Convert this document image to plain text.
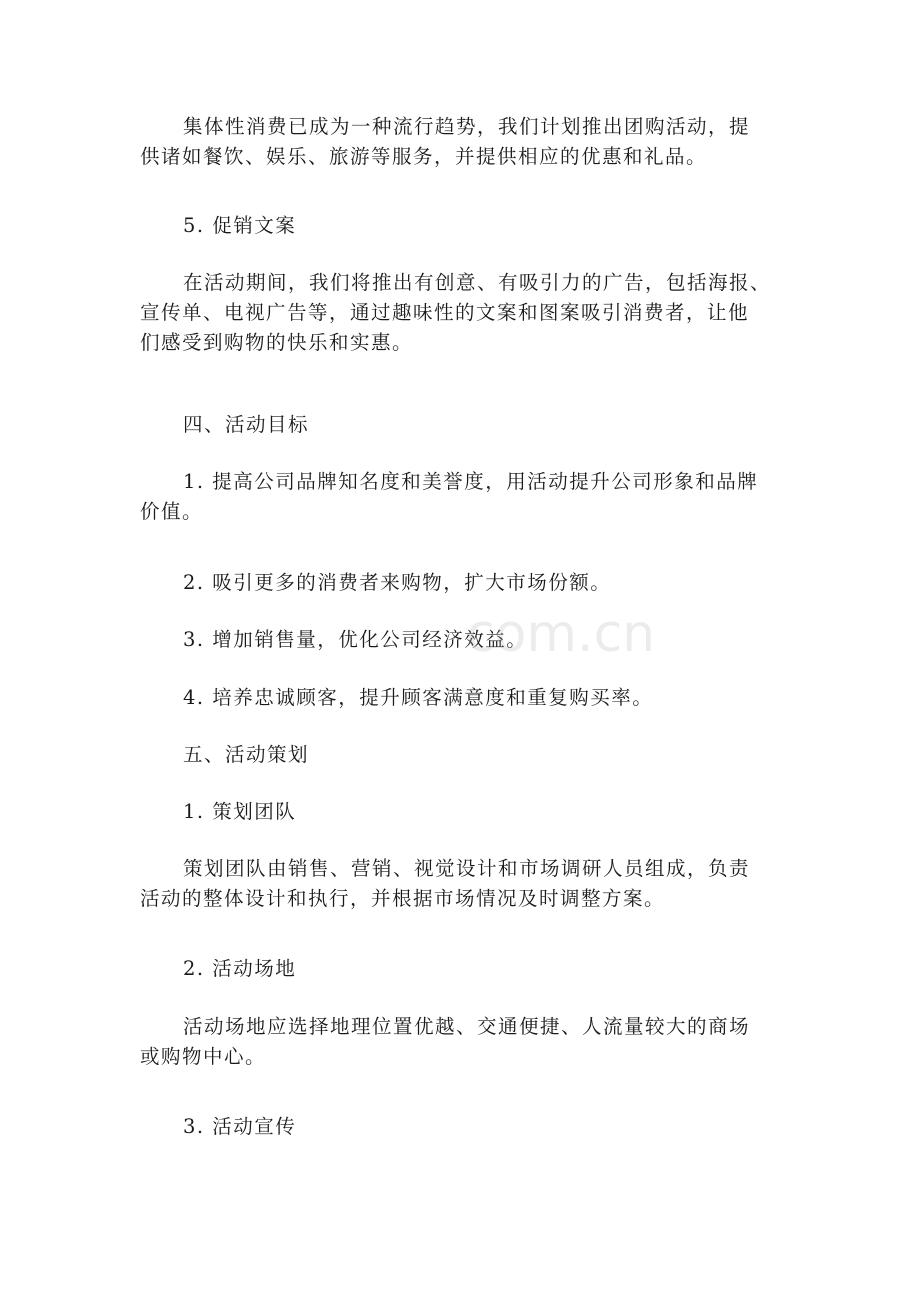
集体性消费已成为一种流行趋势，我们计划推出团购活动，提
供诸如餐饮、娱乐、旅游等服务，并提供相应的优惠和礼品。
5. 促销文案
在活动期间，我们将推出有创意、有吸引力的广告，包括海报、
宣传单、电视广告等，通过趣味性的文案和图案吸引消费者，让他
们感受到购物的快乐和实惠。
四、活动目标
1. 提高公司品牌知名度和美誉度，用活动提升公司形象和品牌
价值。
2. 吸引更多的消费者来购物，扩大市场份额。
3. 增加销售量，优化公司经济效益。
4. 培养忠诚顾客，提升顾客满意度和重复购买率。
五、活动策划
1. 策划团队
策划团队由销售、营销、视觉设计和市场调研人员组成，负责
活动的整体设计和执行，并根据市场情况及时调整方案。
2. 活动场地
活动场地应选择地理位置优越、交通便捷、人流量较大的商场
或购物中心。
3. 活动宣传
com.cn
